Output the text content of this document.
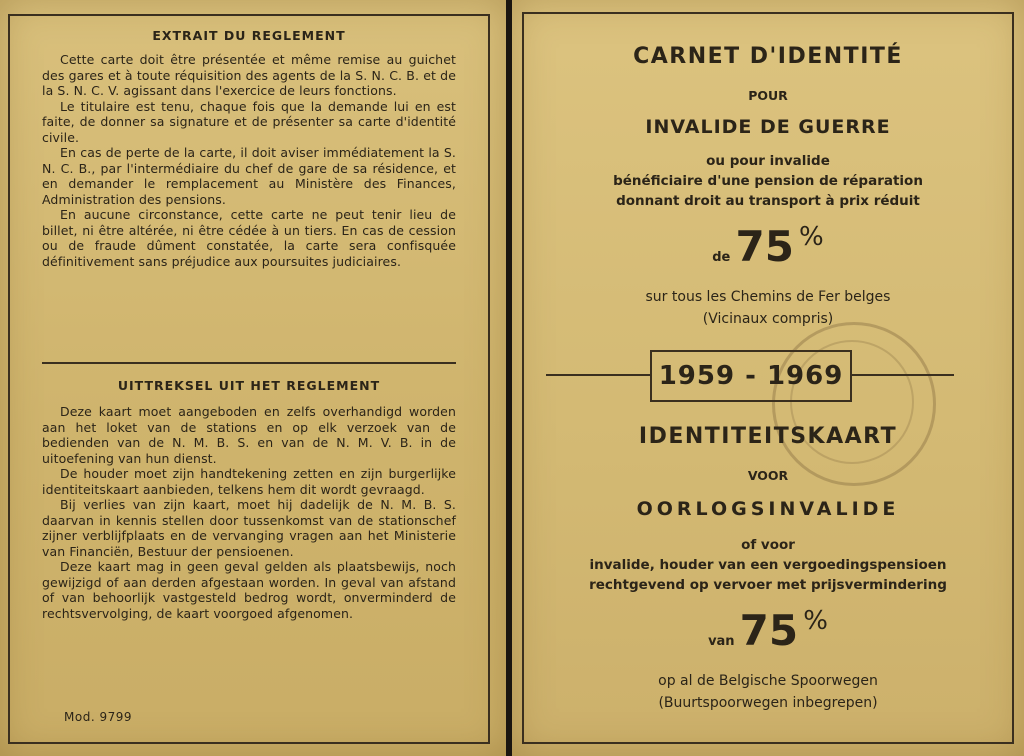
EXTRAIT DU REGLEMENT

Cette carte doit être présentée et même remise au guichet des gares et à toute réquisition des agents de la S. N. C. B. et de la S. N. C. V. agissant dans l'exercice de leurs fonctions.

Le titulaire est tenu, chaque fois que la demande lui en est faite, de donner sa signature et de présenter sa carte d'identité civile.

En cas de perte de la carte, il doit aviser immédiatement la S. N. C. B., par l'intermédiaire du chef de gare de sa résidence, et en demander le remplacement au Ministère des Finances, Administration des pensions.

En aucune circonstance, cette carte ne peut tenir lieu de billet, ni être altérée, ni être cédée à un tiers. En cas de cession ou de fraude dûment constatée, la carte sera confisquée définitivement sans préjudice aux poursuites judiciaires.

UITTREKSEL UIT HET REGLEMENT

Deze kaart moet aangeboden en zelfs overhandigd worden aan het loket van de stations en op elk verzoek van de bedienden van de N. M. B. S. en van de N. M. V. B. in de uitoefening van hun dienst.

De houder moet zijn handtekening zetten en zijn burgerlijke identiteitskaart aanbieden, telkens hem dit wordt gevraagd.

Bij verlies van zijn kaart, moet hij dadelijk de N. M. B. S. daarvan in kennis stellen door tussenkomst van de stationschef zijner verblijfplaats en de vervanging vragen aan het Ministerie van Financiën, Bestuur der pensioenen.

Deze kaart mag in geen geval gelden als plaatsbewijs, noch gewijzigd of aan derden afgestaan worden. In geval van afstand of van behoorlijk vastgesteld bedrog wordt, onverminderd de rechtsvervolging, de kaart voorgoed afgenomen.

Mod. 9799
CARNET D'IDENTITÉ
POUR
INVALIDE DE GUERRE
ou pour invalide
bénéficiaire d'une pension de réparation
donnant droit au transport à prix réduit
de 75 %
sur tous les Chemins de Fer belges
(Vicinaux compris)
1959 - 1969
IDENTITEITSKAART
VOOR
OORLOGSINVALIDE
of voor
invalide, houder van een vergoedingspensioen
rechtgevend op vervoer met prijsvermindering
van 75 %
op al de Belgische Spoorwegen
(Buurtspoorwegen inbegrepen)
